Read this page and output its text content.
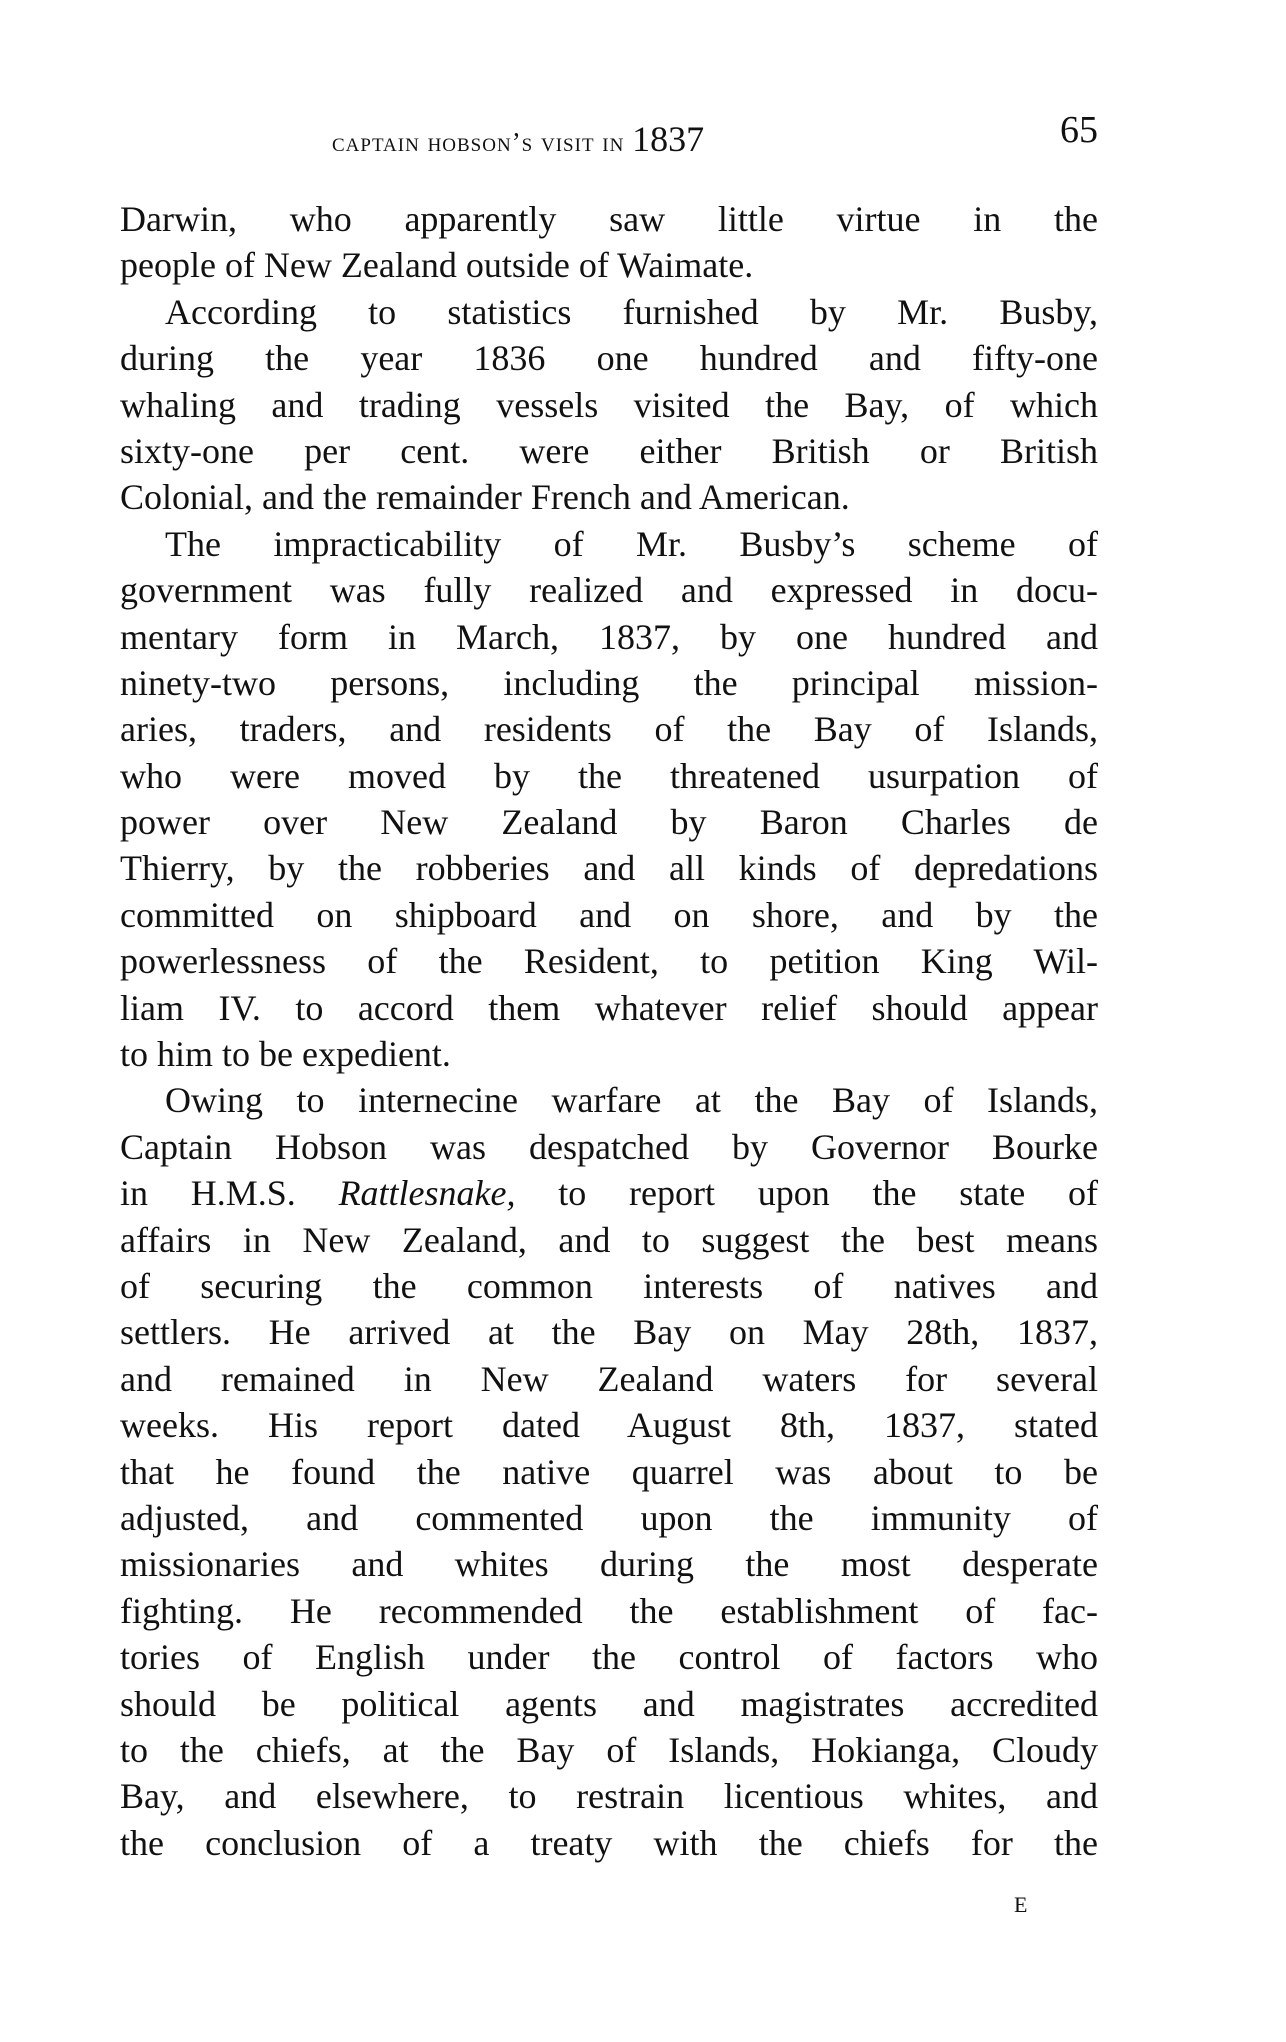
captain hobson’s visit in 1837	65
Darwin, who apparently saw little virtue in the
people of New Zealand outside of Waimate.
According to statistics furnished by Mr. Busby,
during the year 1836 one hundred and fifty-one
whaling and trading vessels visited the Bay, of which
sixty-one per cent. were either British or British
Colonial, and the remainder French and American.
The impracticability of Mr. Busby’s scheme of
government was fully realized and expressed in docu-
mentary form in March, 1837, by one hundred and
ninety-two persons, including the principal mission-
aries, traders, and residents of the Bay of Islands,
who were moved by the threatened usurpation of
power over New Zealand by Baron Charles de
Thierry, by the robberies and all kinds of depredations
committed on shipboard and on shore, and by the
powerlessness of the Resident, to petition King Wil-
liam IV. to accord them whatever relief should appear
to him to be expedient.
Owing to internecine warfare at the Bay of Islands,
Captain Hobson was despatched by Governor Bourke
in H.M.S. Rattlesnake, to report upon the state of
affairs in New Zealand, and to suggest the best means
of securing the common interests of natives and
settlers. He arrived at the Bay on May 28th, 1837,
and remained in New Zealand waters for several
weeks. His report dated August 8th, 1837, stated
that he found the native quarrel was about to be
adjusted, and commented upon the immunity of
missionaries and whites during the most desperate
fighting. He recommended the establishment of fac-
tories of English under the control of factors who
should be political agents and magistrates accredited
to the chiefs, at the Bay of Islands, Hokianga, Cloudy
Bay, and elsewhere, to restrain licentious whites, and
the conclusion of a treaty with the chiefs for the
E
